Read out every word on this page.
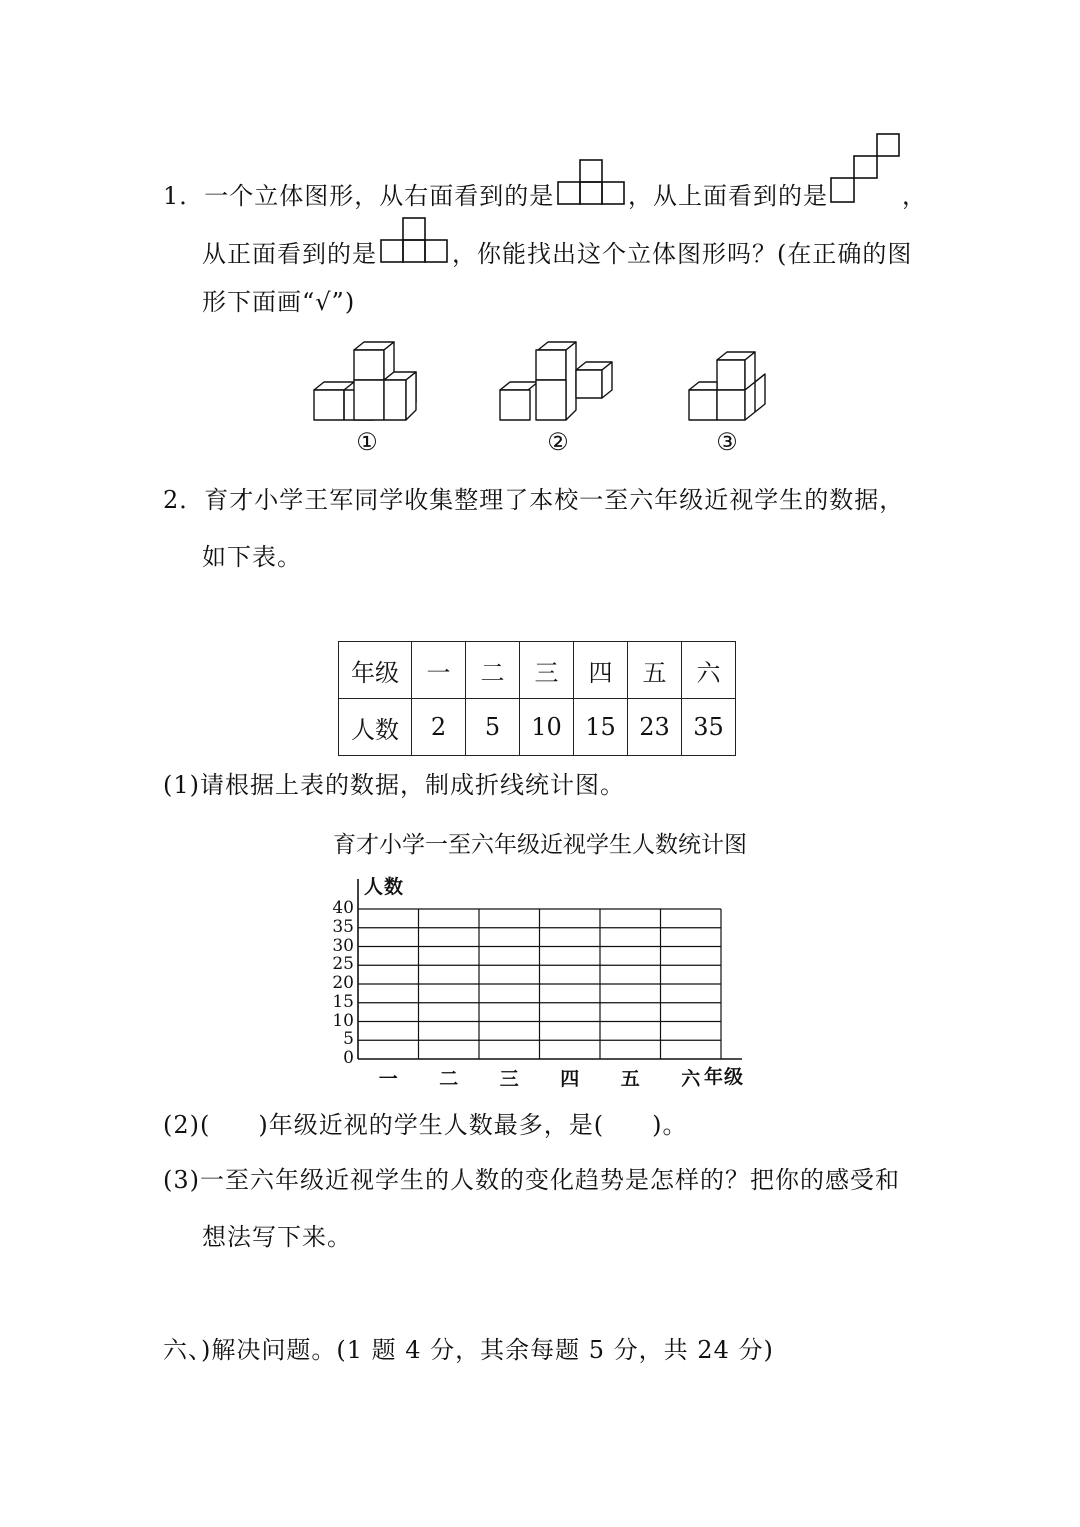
1．一个立体图形，从右面看到的是	，从上面看到的是	，
从正面看到的是	，你能找出这个立体图形吗？(在正确的图
形下面画“√”)
①	②	③
2．育才小学王军同学收集整理了本校一至六年级近视学生的数据，
如下表。
年级	一	二	三	四	五	六
人数	2	5	10	15	23	35
(1)请根据上表的数据，制成折线统计图。
育才小学一至六年级近视学生人数统计图
人数
0
5
10
15
20
25
30
35
40
一	二	三	四	五	六 年级
(2)( )年级近视的学生人数最多，是( )。
(3)一至六年级近视学生的人数的变化趋势是怎样的？把你的感受和
想法写下来。
六、)解决问题。(1 题 4 分，其余每题 5 分，共 24 分)
